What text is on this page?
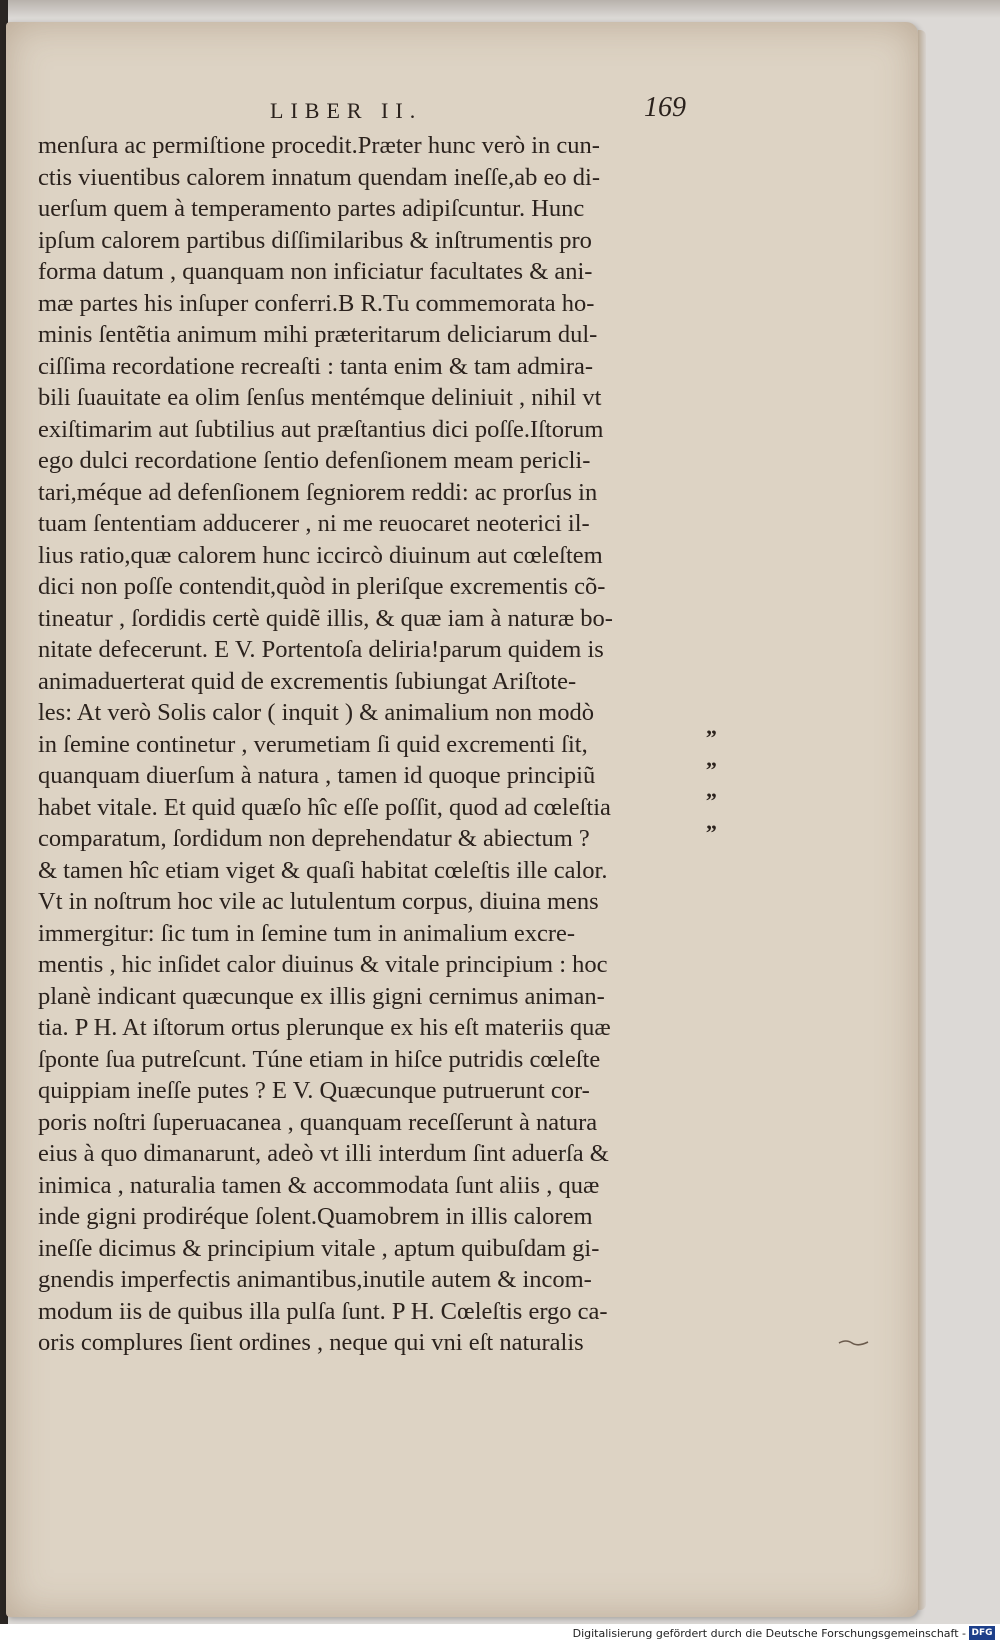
LIBER II.	169
menſura ac permiſtione procedit.Præter hunc verò in cun-
ctis viuentibus calorem innatum quendam ineſſe,ab eo di-
uerſum quem à temperamento partes adipiſcuntur. Hunc
ipſum calorem partibus diſſimilaribus & inſtrumentis pro
forma datum , quanquam non inficiatur facultates & ani-
mæ partes his inſuper conferri.B R.Tu commemorata ho-
minis ſentẽtia animum mihi præteritarum deliciarum dul-
ciſſima recordatione recreaſti : tanta enim & tam admira-
bili ſuauitate ea olim ſenſus mentémque deliniuit , nihil vt
exiſtimarim aut ſubtilius aut præſtantius dici poſſe.Iſtorum
ego dulci recordatione ſentio defenſionem meam pericli-
tari,méque ad defenſionem ſegniorem reddi: ac prorſus in
tuam ſententiam adducerer , ni me reuocaret neoterici il-
lius ratio,quæ calorem hunc iccircò diuinum aut cœleſtem
dici non poſſe contendit,quòd in pleriſque excrementis cõ-
tineatur , ſordidis certè quidẽ illis, & quæ iam à naturæ bo-
nitate defecerunt. E V. Portentoſa deliria!parum quidem is
animaduerterat quid de excrementis ſubiungat Ariſtote-
les: At verò Solis calor ( inquit ) & animalium non modò
in ſemine continetur , verumetiam ſi quid excrementi ſit,
quanquam diuerſum à natura , tamen id quoque principiũ
habet vitale. Et quid quæſo hîc eſſe poſſit, quod ad cœleſtia
comparatum, ſordidum non deprehendatur & abiectum ?
& tamen hîc etiam viget & quaſi habitat cœleſtis ille calor.
Vt in noſtrum hoc vile ac lutulentum corpus, diuina mens
immergitur: ſic tum in ſemine tum in animalium excre-
mentis , hic inſidet calor diuinus & vitale principium : hoc
planè indicant quæcunque ex illis gigni cernimus animan-
tia. P H. At iſtorum ortus plerunque ex his eſt materiis quæ
ſponte ſua putreſcunt. Túne etiam in hiſce putridis cœleſte
quippiam ineſſe putes ? E V. Quæcunque putruerunt cor-
poris noſtri ſuperuacanea , quanquam receſſerunt à natura
eius à quo dimanarunt, adeò vt illi interdum ſint aduerſa &
inimica , naturalia tamen & accommodata ſunt aliis , quæ
inde gigni prodiréque ſolent.Quamobrem in illis calorem
ineſſe dicimus & principium vitale , aptum quibuſdam gi-
gnendis imperfectis animantibus,inutile autem & incom-
modum iis de quibus illa pulſa ſunt. P H. Cœleſtis ergo ca-
oris complures ſient ordines , neque qui vni eſt naturalis
„
„
„
„
Digitalisierung gefördert durch die Deutsche Forschungsgemeinschaft - DFG
